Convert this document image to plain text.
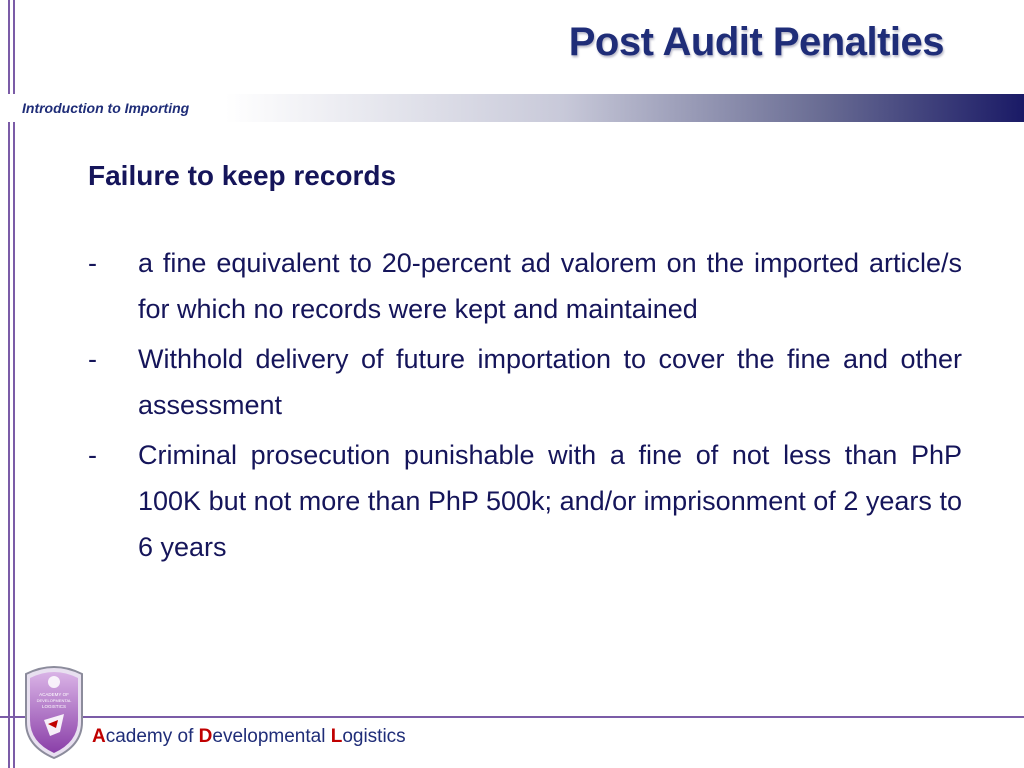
Post Audit Penalties
Introduction to Importing
Failure to keep records
-	a fine equivalent to 20-percent ad valorem on the imported article/s for which no records were kept and maintained
-	Withhold delivery of future importation to cover the fine and other assessment
-	Criminal prosecution punishable with a fine of not less than PhP 100K but not more than PhP 500k; and/or imprisonment of 2 years to 6 years
ACADEMY OF
DEVELOPMENTAL
LOGISTICS
Academy of Developmental Logistics
